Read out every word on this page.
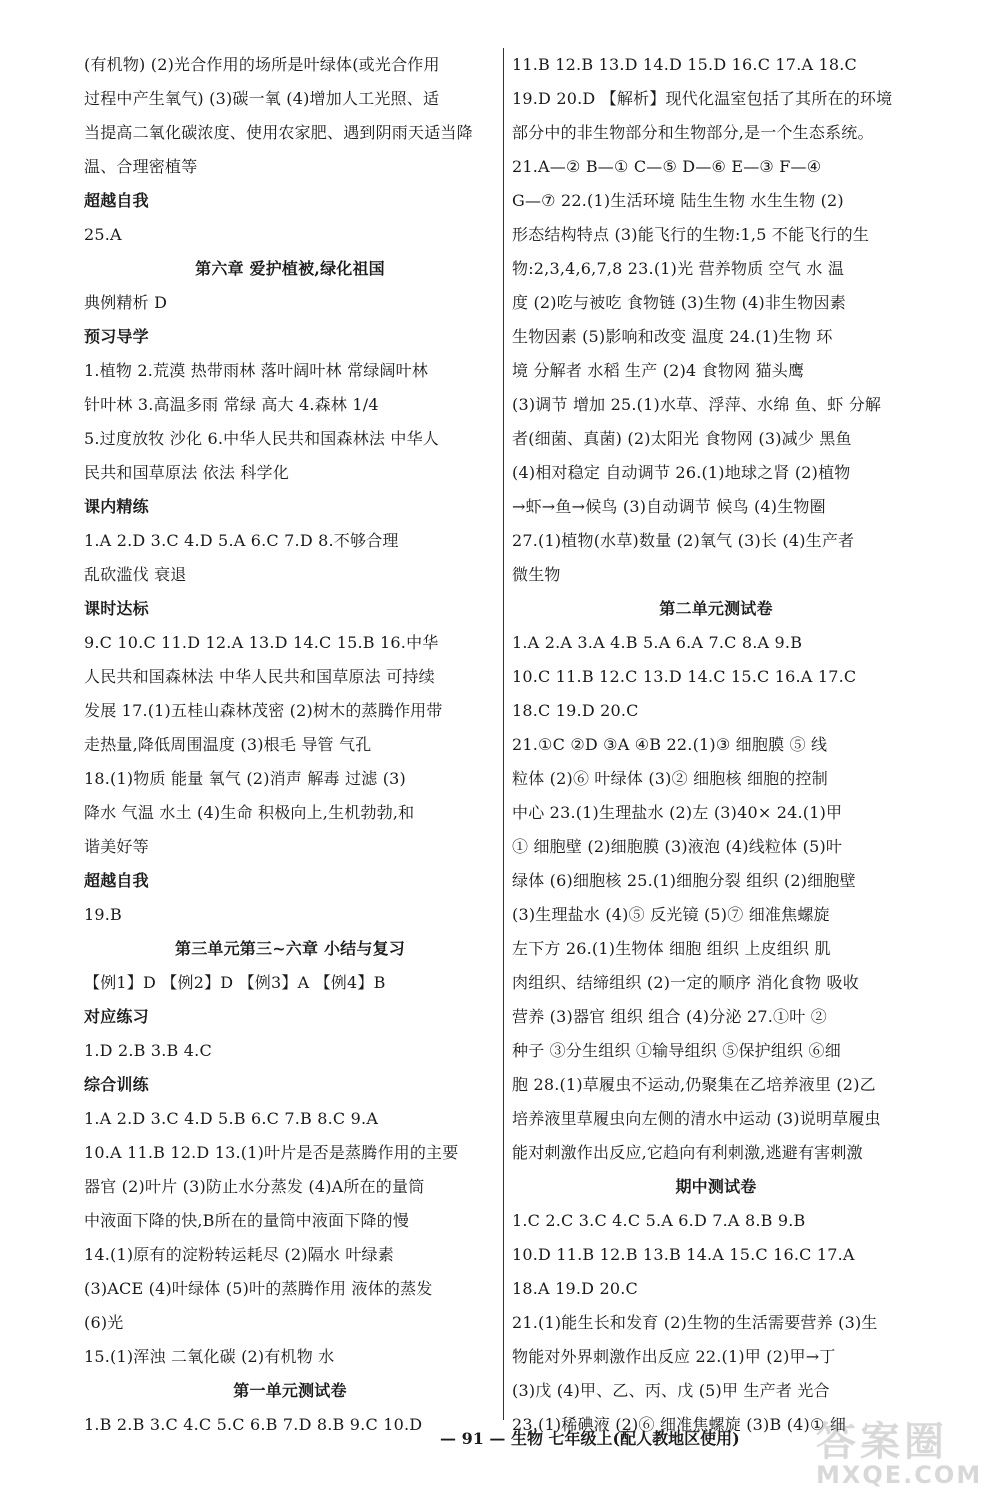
(有机物) (2)光合作用的场所是叶绿体(或光合作用
过程中产生氧气) (3)碳一氧 (4)增加人工光照、适
当提高二氧化碳浓度、使用农家肥、遇到阴雨天适当降
温、合理密植等
超越自我
25.A
第六章 爱护植被,绿化祖国
典例精析 D
预习导学
1.植物 2.荒漠 热带雨林 落叶阔叶林 常绿阔叶林
针叶林 3.高温多雨 常绿 高大 4.森林 1/4
5.过度放牧 沙化 6.中华人民共和国森林法 中华人
民共和国草原法 依法 科学化
课内精练
1.A 2.D 3.C 4.D 5.A 6.C 7.D 8.不够合理
乱砍滥伐 衰退
课时达标
9.C 10.C 11.D 12.A 13.D 14.C 15.B 16.中华
人民共和国森林法 中华人民共和国草原法 可持续
发展 17.(1)五桂山森林茂密 (2)树木的蒸腾作用带
走热量,降低周围温度 (3)根毛 导管 气孔
18.(1)物质 能量 氧气 (2)消声 解毒 过滤 (3)
降水 气温 水土 (4)生命 积极向上,生机勃勃,和
谐美好等
超越自我
19.B
第三单元第三~六章 小结与复习
【例1】D 【例2】D 【例3】A 【例4】B
对应练习
1.D 2.B 3.B 4.C
综合训练
1.A 2.D 3.C 4.D 5.B 6.C 7.B 8.C 9.A
10.A 11.B 12.D 13.(1)叶片是否是蒸腾作用的主要
器官 (2)叶片 (3)防止水分蒸发 (4)A所在的量筒
中液面下降的快,B所在的量筒中液面下降的慢
14.(1)原有的淀粉转运耗尽 (2)隔水 叶绿素
(3)ACE (4)叶绿体 (5)叶的蒸腾作用 液体的蒸发
(6)光
15.(1)浑浊 二氧化碳 (2)有机物 水
第一单元测试卷
1.B 2.B 3.C 4.C 5.C 6.B 7.D 8.B 9.C 10.D
11.B 12.B 13.D 14.D 15.D 16.C 17.A 18.C
19.D 20.D 【解析】现代化温室包括了其所在的环境
部分中的非生物部分和生物部分,是一个生态系统。
21.A—② B—① C—⑤ D—⑥ E—③ F—④
G—⑦ 22.(1)生活环境 陆生生物 水生生物 (2)
形态结构特点 (3)能飞行的生物:1,5 不能飞行的生
物:2,3,4,6,7,8 23.(1)光 营养物质 空气 水 温
度 (2)吃与被吃 食物链 (3)生物 (4)非生物因素
生物因素 (5)影响和改变 温度 24.(1)生物 环
境 分解者 水稻 生产 (2)4 食物网 猫头鹰
(3)调节 增加 25.(1)水草、浮萍、水绵 鱼、虾 分解
者(细菌、真菌) (2)太阳光 食物网 (3)减少 黑鱼
(4)相对稳定 自动调节 26.(1)地球之肾 (2)植物
→虾→鱼→候鸟 (3)自动调节 候鸟 (4)生物圈
27.(1)植物(水草)数量 (2)氧气 (3)长 (4)生产者
微生物
第二单元测试卷
1.A 2.A 3.A 4.B 5.A 6.A 7.C 8.A 9.B
10.C 11.B 12.C 13.D 14.C 15.C 16.A 17.C
18.C 19.D 20.C
21.①C ②D ③A ④B 22.(1)③ 细胞膜 ⑤ 线
粒体 (2)⑥ 叶绿体 (3)② 细胞核 细胞的控制
中心 23.(1)生理盐水 (2)左 (3)40× 24.(1)甲
① 细胞壁 (2)细胞膜 (3)液泡 (4)线粒体 (5)叶
绿体 (6)细胞核 25.(1)细胞分裂 组织 (2)细胞壁
(3)生理盐水 (4)⑤ 反光镜 (5)⑦ 细准焦螺旋
左下方 26.(1)生物体 细胞 组织 上皮组织 肌
肉组织、结缔组织 (2)一定的顺序 消化食物 吸收
营养 (3)器官 组织 组合 (4)分泌 27.①叶 ②
种子 ③分生组织 ①输导组织 ⑤保护组织 ⑥细
胞 28.(1)草履虫不运动,仍聚集在乙培养液里 (2)乙
培养液里草履虫向左侧的清水中运动 (3)说明草履虫
能对刺激作出反应,它趋向有利刺激,逃避有害刺激
期中测试卷
1.C 2.C 3.C 4.C 5.A 6.D 7.A 8.B 9.B
10.D 11.B 12.B 13.B 14.A 15.C 16.C 17.A
18.A 19.D 20.C
21.(1)能生长和发育 (2)生物的生活需要营养 (3)生
物能对外界刺激作出反应 22.(1)甲 (2)甲→丁
(3)戊 (4)甲、乙、丙、戊 (5)甲 生产者 光合
23.(1)稀碘液 (2)⑥ 细准焦螺旋 (3)B (4)① 细
— 91 — 生物 七年级上(配人教地区使用) 答案圈
MXQE.COM
